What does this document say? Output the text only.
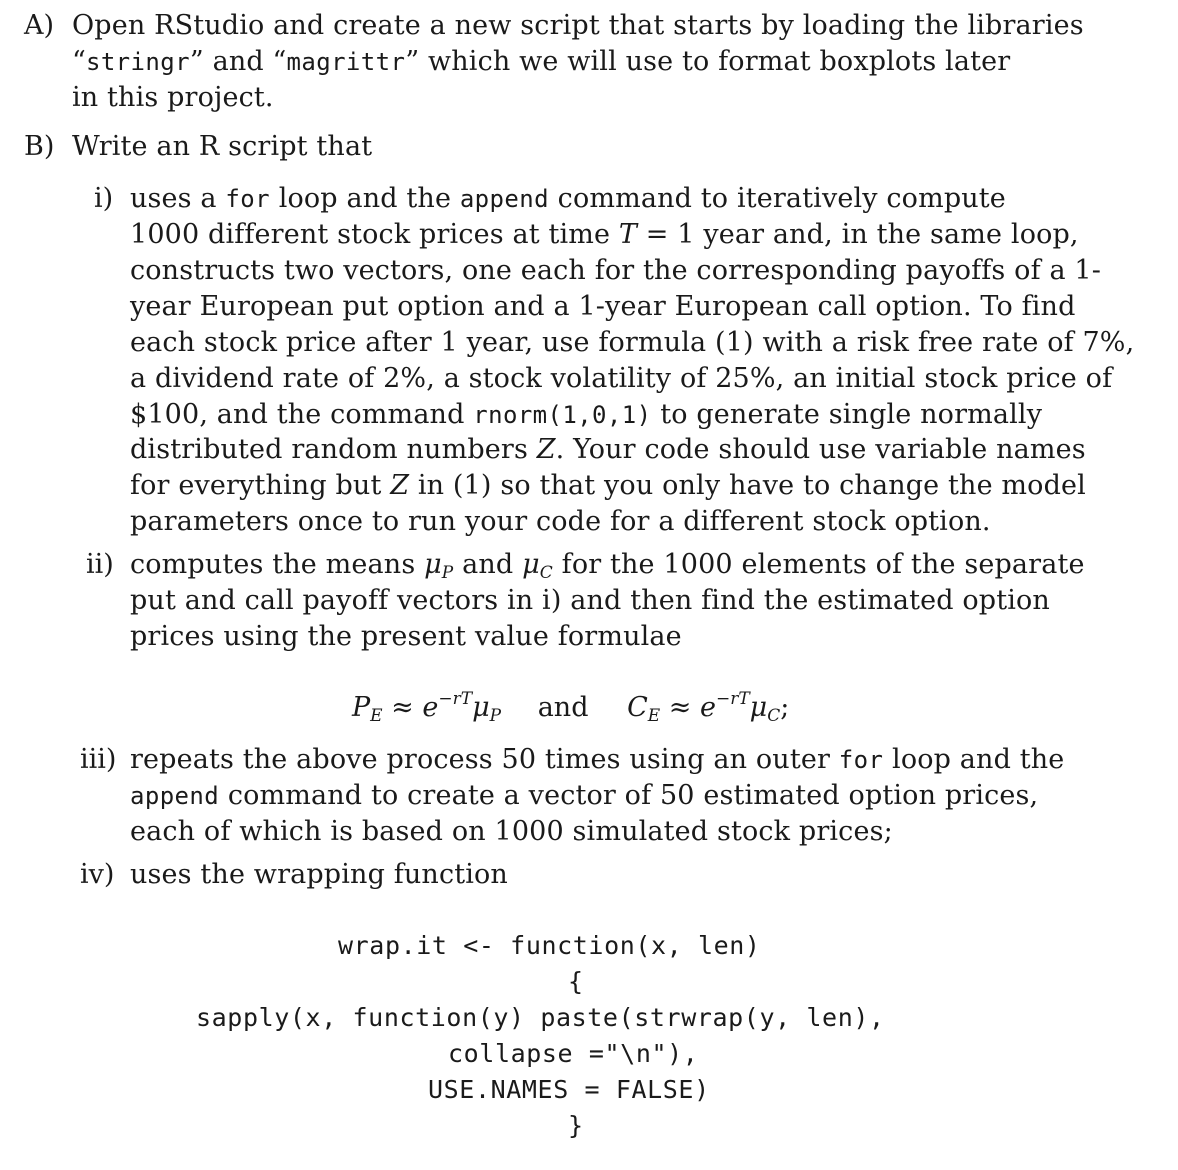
A) Open RStudio and create a new script that starts by loading the libraries
“stringr” and “magrittr” which we will use to format boxplots later
in this project.
B) Write an R script that
i) uses a for loop and the append command to iteratively compute
1000 different stock prices at time T = 1 year and, in the same loop,
constructs two vectors, one each for the corresponding payoffs of a 1-
year European put option and a 1-year European call option. To find
each stock price after 1 year, use formula (1) with a risk free rate of 7%,
a dividend rate of 2%, a stock volatility of 25%, an initial stock price of
$100, and the command rnorm(1,0,1) to generate single normally
distributed random numbers Z. Your code should use variable names
for everything but Z in (1) so that you only have to change the model
parameters once to run your code for a different stock option.
ii) computes the means $\mu_P$ and $\mu_C$ for the 1000 elements of the separate
put and call payoff vectors in i) and then find the estimated option
prices using the present value formulae
$P_E \approx e^{-rT}\mu_P$ and $C_E \approx e^{-rT}\mu_C$;
iii) repeats the above process 50 times using an outer for loop and the
append command to create a vector of 50 estimated option prices,
each of which is based on 1000 simulated stock prices;
iv) uses the wrapping function
wrap.it <- function(x, len)
{
sapply(x, function(y) paste(strwrap(y, len),
collapse ="\n"),
USE.NAMES = FALSE)
}
